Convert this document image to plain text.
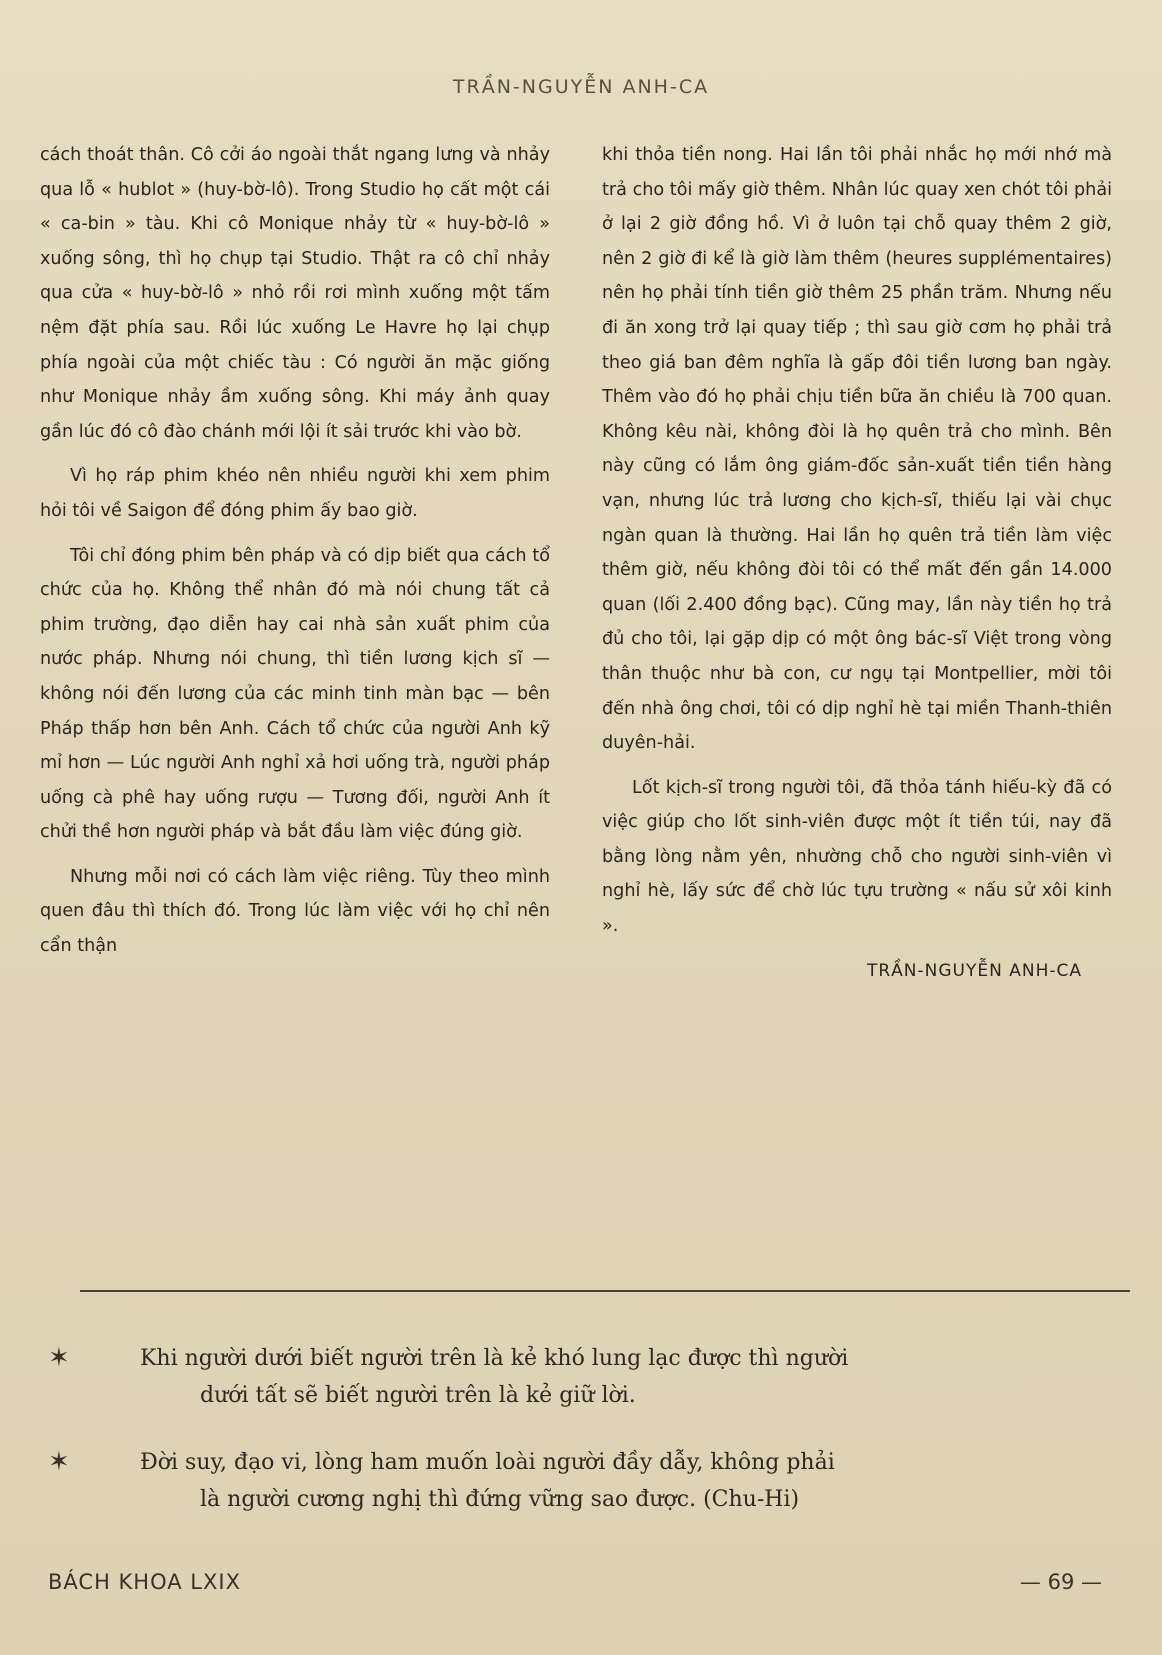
TRẦN-NGUYỄN ANH-CA

cách thoát thân. Cô cởi áo ngoài thắt ngang lưng và nhảy qua lỗ « hublot » (huy-bờ-lô). Trong Studio họ cất một cái « ca-bin » tàu. Khi cô Monique nhảy từ « huy-bờ-lô » xuống sông, thì họ chụp tại Studio. Thật ra cô chỉ nhảy qua cửa « huy-bờ-lô » nhỏ rồi rơi mình xuống một tấm nệm đặt phía sau. Rồi lúc xuống Le Havre họ lại chụp phía ngoài của một chiếc tàu : Có người ăn mặc giống như Monique nhảy ầm xuống sông. Khi máy ảnh quay gần lúc đó cô đào chánh mới lội ít sải trước khi vào bờ.

Vì họ ráp phim khéo nên nhiều người khi xem phim hỏi tôi về Saigon để đóng phim ấy bao giờ.

Tôi chỉ đóng phim bên pháp và có dịp biết qua cách tổ chức của họ. Không thể nhân đó mà nói chung tất cả phim trường, đạo diễn hay cai nhà sản xuất phim của nước pháp. Nhưng nói chung, thì tiền lương kịch sĩ — không nói đến lương của các minh tinh màn bạc — bên Pháp thấp hơn bên Anh. Cách tổ chức của người Anh kỹ mỉ hơn — Lúc người Anh nghỉ xả hơi uống trà, người pháp uống cà phê hay uống rượu — Tương đối, người Anh ít chửi thề hơn người pháp và bắt đầu làm việc đúng giờ.

Nhưng mỗi nơi có cách làm việc riêng. Tùy theo mình quen đâu thì thích đó. Trong lúc làm việc với họ chỉ nên cẩn thận

khi thỏa tiền nong. Hai lần tôi phải nhắc họ mới nhớ mà trả cho tôi mấy giờ thêm. Nhân lúc quay xen chót tôi phải ở lại 2 giờ đồng hồ. Vì ở luôn tại chỗ quay thêm 2 giờ, nên 2 giờ đi kể là giờ làm thêm (heures supplémentaires) nên họ phải tính tiền giờ thêm 25 phần trăm. Nhưng nếu đi ăn xong trở lại quay tiếp ; thì sau giờ cơm họ phải trả theo giá ban đêm nghĩa là gấp đôi tiền lương ban ngày. Thêm vào đó họ phải chịu tiền bữa ăn chiều là 700 quan. Không kêu nài, không đòi là họ quên trả cho mình. Bên này cũng có lắm ông giám-đốc sản-xuất tiền tiền hàng vạn, nhưng lúc trả lương cho kịch-sĩ, thiếu lại vài chục ngàn quan là thường. Hai lần họ quên trả tiền làm việc thêm giờ, nếu không đòi tôi có thể mất đến gần 14.000 quan (lối 2.400 đồng bạc). Cũng may, lần này tiền họ trả đủ cho tôi, lại gặp dịp có một ông bác-sĩ Việt trong vòng thân thuộc như bà con, cư ngụ tại Montpellier, mời tôi đến nhà ông chơi, tôi có dịp nghỉ hè tại miền Thanh-thiên duyên-hải.

Lốt kịch-sĩ trong người tôi, đã thỏa tánh hiếu-kỳ đã có việc giúp cho lốt sinh-viên được một ít tiền túi, nay đã bằng lòng nằm yên, nhường chỗ cho người sinh-viên vì nghỉ hè, lấy sức để chờ lúc tựu trường « nấu sử xôi kinh ».

TRẦN-NGUYỄN ANH-CA
✶	Khi người dưới biết người trên là kẻ khó lung lạc được thì người
dưới tất sẽ biết người trên là kẻ giữ lời.
✶	Đời suy, đạo vi, lòng ham muốn loài người đầy dẫy, không phải
là người cương nghị thì đứng vững sao được. (Chu-Hi)
BÁCH KHOA LXIX	— 69 —
